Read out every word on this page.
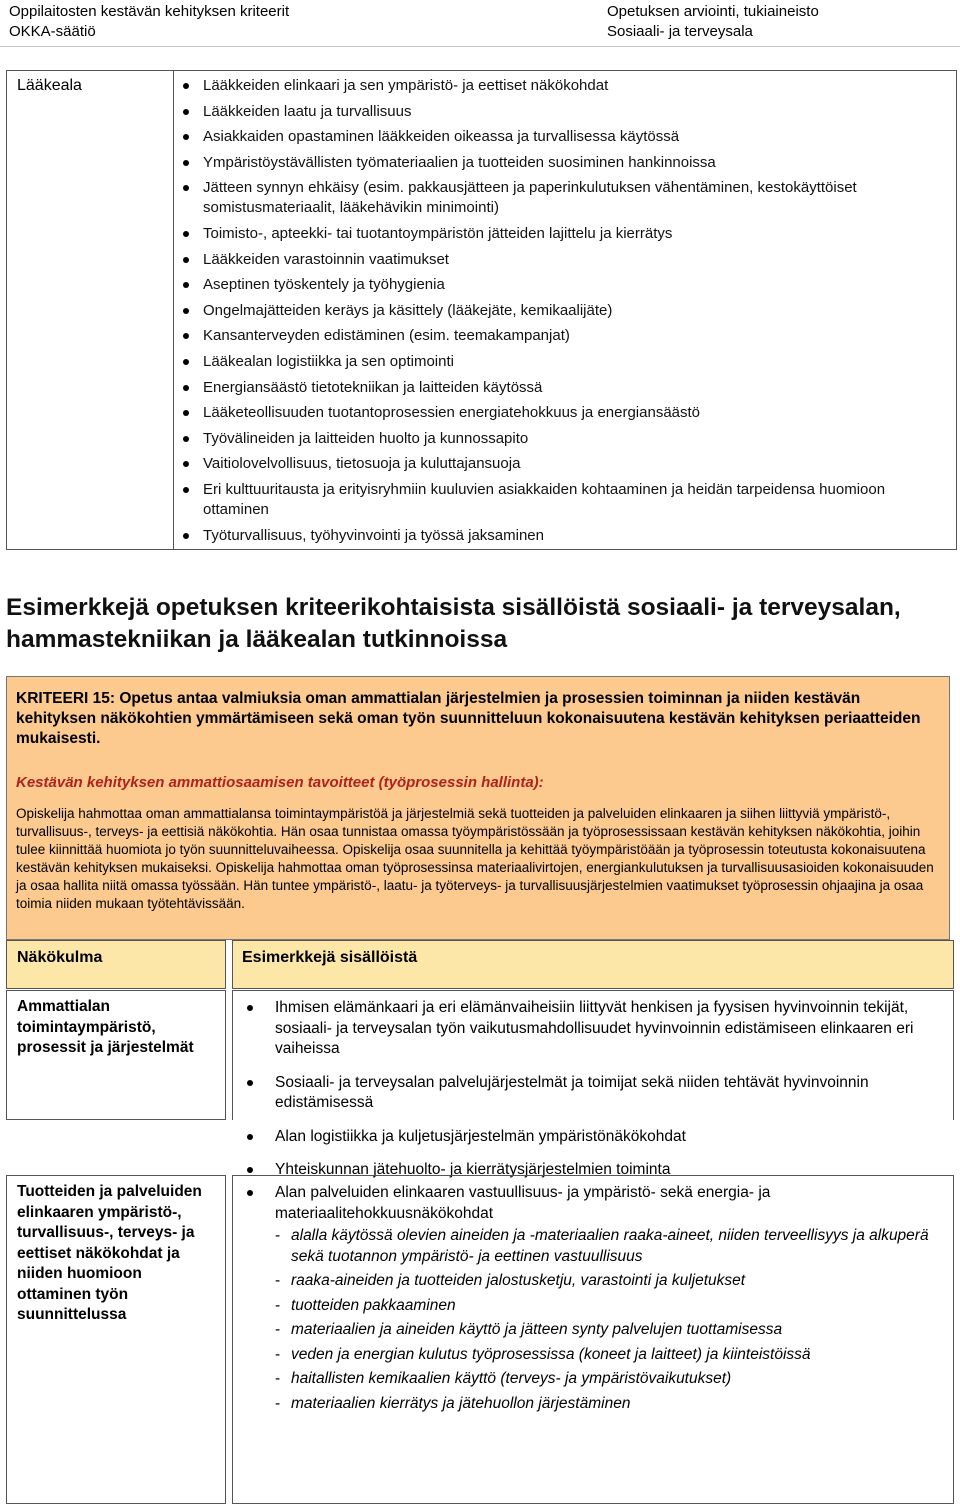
Oppilaitosten kestävän kehityksen kriteerit
OKKA-säätiö
Opetuksen arviointi, tukiaineisto
Sosiaali- ja terveysala
Lääkeala	Lääkkeiden elinkaari ja sen ympäristö- ja eettiset näkökohdat
Lääkkeiden laatu ja turvallisuus
Asiakkaiden opastaminen lääkkeiden oikeassa ja turvallisessa käytössä
Ympäristöystävällisten työmateriaalien ja tuotteiden suosiminen hankinnoissa
Jätteen synnyn ehkäisy (esim. pakkausjätteen ja paperinkulutuksen vähentäminen, kestokäyttöiset somistusmateriaalit, lääkehävikin minimointi)
Toimisto-, apteekki- tai tuotantoympäristön jätteiden lajittelu ja kierrätys
Lääkkeiden varastoinnin vaatimukset
Aseptinen työskentely ja työhygienia
Ongelmajätteiden keräys ja käsittely (lääkejäte, kemikaalijäte)
Kansanterveyden edistäminen (esim. teemakampanjat)
Lääkealan logistiikka ja sen optimointi
Energiansäästö tietotekniikan ja laitteiden käytössä
Lääketeollisuuden tuotantoprosessien energiatehokkuus ja energiansäästö
Työvälineiden ja laitteiden huolto ja kunnossapito
Vaitiolovelvollisuus, tietosuoja ja kuluttajansuoja
Eri kulttuuritausta ja erityisryhmiin kuuluvien asiakkaiden kohtaaminen ja heidän tarpeidensa huomioon ottaminen
Työturvallisuus, työhyvinvointi ja työssä jaksaminen
Esimerkkejä opetuksen kriteerikohtaisista sisällöistä sosiaali- ja terveysalan, hammastekniikan ja lääkealan tutkinnoissa
KRITEERI 15: Opetus antaa valmiuksia oman ammattialan järjestelmien ja prosessien toiminnan ja niiden kestävän kehityksen näkökohtien ymmärtämiseen sekä oman työn suunnitteluun kokonaisuutena kestävän kehityksen periaatteiden mukaisesti.
Kestävän kehityksen ammattiosaamisen tavoitteet (työprosessin hallinta):
Opiskelija hahmottaa oman ammattialansa toimintaympäristöä ja järjestelmiä sekä tuotteiden ja palveluiden elinkaaren ja siihen liittyviä ympäristö-, turvallisuus-, terveys- ja eettisiä näkökohtia. Hän osaa tunnistaa omassa työympäristössään ja työprosessissaan kestävän kehityksen näkökohtia, joihin tulee kiinnittää huomiota jo työn suunnitteluvaiheessa. Opiskelija osaa suunnitella ja kehittää työympäristöään ja työprosessin toteutusta kokonaisuutena kestävän kehityksen mukaiseksi. Opiskelija hahmottaa oman työprosessinsa materiaalivirtojen, energiankulutuksen ja turvallisuusasioiden kokonaisuuden ja osaa hallita niitä omassa työssään. Hän tuntee ympäristö-, laatu- ja työterveys- ja turvallisuusjärjestelmien vaatimukset työprosessin ohjaajina ja osaa toimia niiden mukaan työtehtävissään.
Näkökulma	Esimerkkejä sisällöistä
Ammattialan toimintaympäristö, prosessit ja järjestelmät
Ihmisen elämänkaari ja eri elämänvaiheisiin liittyvät henkisen ja fyysisen hyvinvoinnin tekijät, sosiaali- ja terveysalan työn vaikutusmahdollisuudet hyvinvoinnin edistämiseen elinkaaren eri vaiheissa
Sosiaali- ja terveysalan palvelujärjestelmät ja toimijat sekä niiden tehtävät hyvinvoinnin edistämisessä
Alan logistiikka ja kuljetusjärjestelmän ympäristönäkökohdat
Yhteiskunnan jätehuolto- ja kierrätysjärjestelmien toiminta
Tuotteiden ja palveluiden elinkaaren ympäristö-, turvallisuus-, terveys- ja eettiset näkökohdat ja niiden huomioon ottaminen työn suunnittelussa
Alan palveluiden elinkaaren vastuullisuus- ja ympäristö- sekä energia- ja materiaalitehokkuusnäkökohdat
- alalla käytössä olevien aineiden ja -materiaalien raaka-aineet, niiden terveellisyys ja alkuperä sekä tuotannon ympäristö- ja eettinen vastuullisuus
- raaka-aineiden ja tuotteiden jalostusketju, varastointi ja kuljetukset
- tuotteiden pakkaaminen
- materiaalien ja aineiden käyttö ja jätteen synty palvelujen tuottamisessa
- veden ja energian kulutus työprosessissa (koneet ja laitteet) ja kiinteistöissä
- haitallisten kemikaalien käyttö (terveys- ja ympäristövaikutukset)
- materiaalien kierrätys ja jätehuollon järjestäminen
